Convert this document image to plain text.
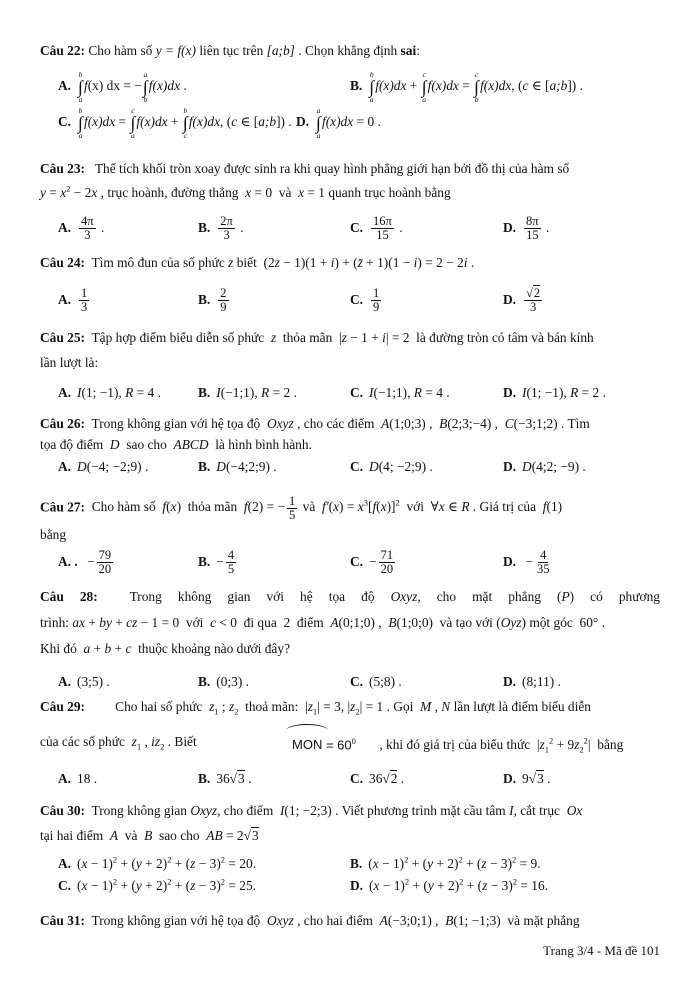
Câu 22: Cho hàm số y = f(x) liên tục trên [a;b] . Chọn khẳng định sai:
A.
b
∫
a
f(x) dx = −
a
∫
b
f(x)dx .	B.
b
∫
a
f(x)dx +
c
∫
a
f(x)dx =
c
∫
b
f(x)dx, (c ∈ [a;b]) .
C.
b
∫
a
f(x)dx =
c
∫
a
f(x)dx +
b
∫
c
f(x)dx, (c ∈ [a;b]) . D.
a
∫
a
f(x)dx = 0 .
Câu 23:   Thể tích khối tròn xoay được sinh ra khi quay hình phẳng giới hạn bởi đồ thị của hàm số
$y = x^2 - 2x$ , trục hoành, đường thẳng  x = 0  và  x = 1 quanh trục hoành bằng
A. $\frac{4\pi}{3}$ .	B. $\frac{2\pi}{3}$ .	C. $\frac{16\pi}{15}$ .	D. $\frac{8\pi}{15}$ .
Câu 24:  Tìm mô đun của số phức z biết  (2z − 1)(1 + i) + (z̄ + 1)(1 − i) = 2 − 2i .
A. $\frac{1}{3}$	B. $\frac{2}{9}$	C. $\frac{1}{9}$	D. $\frac{√2}{3}$
Câu 25:  Tập hợp điểm biểu diễn số phức  z  thỏa mãn  |z − 1 + i| = 2  là đường tròn có tâm và bán kính
lần lượt là:
A. I(1; −1), R = 4 .	B. I(−1;1), R = 2 .	C. I(−1;1), R = 4 .	D. I(1; −1), R = 2 .
Câu 26:  Trong không gian với hệ tọa độ  Oxyz , cho các điểm  A(1;0;3) ,  B(2;3;−4) ,  C(−3;1;2) . Tìm
tọa độ điểm  D  sao cho  ABCD  là hình bình hành.
A. D(−4; −2;9) .	B. D(−4;2;9) .	C. D(4; −2;9) .	D. D(4;2; −9) .
Câu 27:  Cho hàm số  f(x)  thỏa mãn  f(2) = − $\frac{1}{5}$ và  $f'(x) = x^3[f(x)]^2$  với  ∀x ∈ R . Giá trị của  f(1)
bằng
A. . − $\frac{79}{20}$	B. − $\frac{4}{5}$	C. − $\frac{71}{20}$	D. − $\frac{4}{35}$
Câu 28:  Trong không gian với hệ tọa độ Oxyz, cho mặt phẳng (P) có phương
trình: ax + by + cz − 1 = 0  với  c < 0  đi qua  2  điểm  A(0;1;0) ,  B(1;0;0)  và tạo với (Oyz) một góc  60° .
Khi đó  a + b + c  thuộc khoảng nào dưới đây?
A. (3;5) .	B. (0;3) .	C. (5;8) .	D. (8;11) .
Câu 29:         Cho hai số phức  $z_1$ ; $z_2$  thoả mãn:  $|z_1| = 3$, $|z_2| = 1$ . Gọi  M , N lần lượt là điểm biểu diễn
của các số phức  $z_1$ , $iz_2$ . Biết	MON = $60^0$	, khi đó giá trị của biểu thức  $|z_1^2 + 9z_2^2|$  bằng
A. 18 .	B. 36√3 .	C. 36√2 .	D. 9√3 .
Câu 30:  Trong không gian Oxyz, cho điểm  I(1; −2;3) . Viết phương trình mặt cầu tâm I, cắt trục  Ox
tại hai điểm  A  và  B  sao cho  AB = 2√3
A. $(x - 1)^2 + (y + 2)^2 + (z - 3)^2 = 20$.	B. $(x - 1)^2 + (y + 2)^2 + (z - 3)^2 = 9$.
C. $(x - 1)^2 + (y + 2)^2 + (z - 3)^2 = 25$.	D. $(x - 1)^2 + (y + 2)^2 + (z - 3)^2 = 16$.
Câu 31:  Trong không gian với hệ tọa độ  Oxyz , cho hai điểm  A(−3;0;1) ,  B(1; −1;3)  và mặt phẳng
Trang 3/4 - Mã đề 101
